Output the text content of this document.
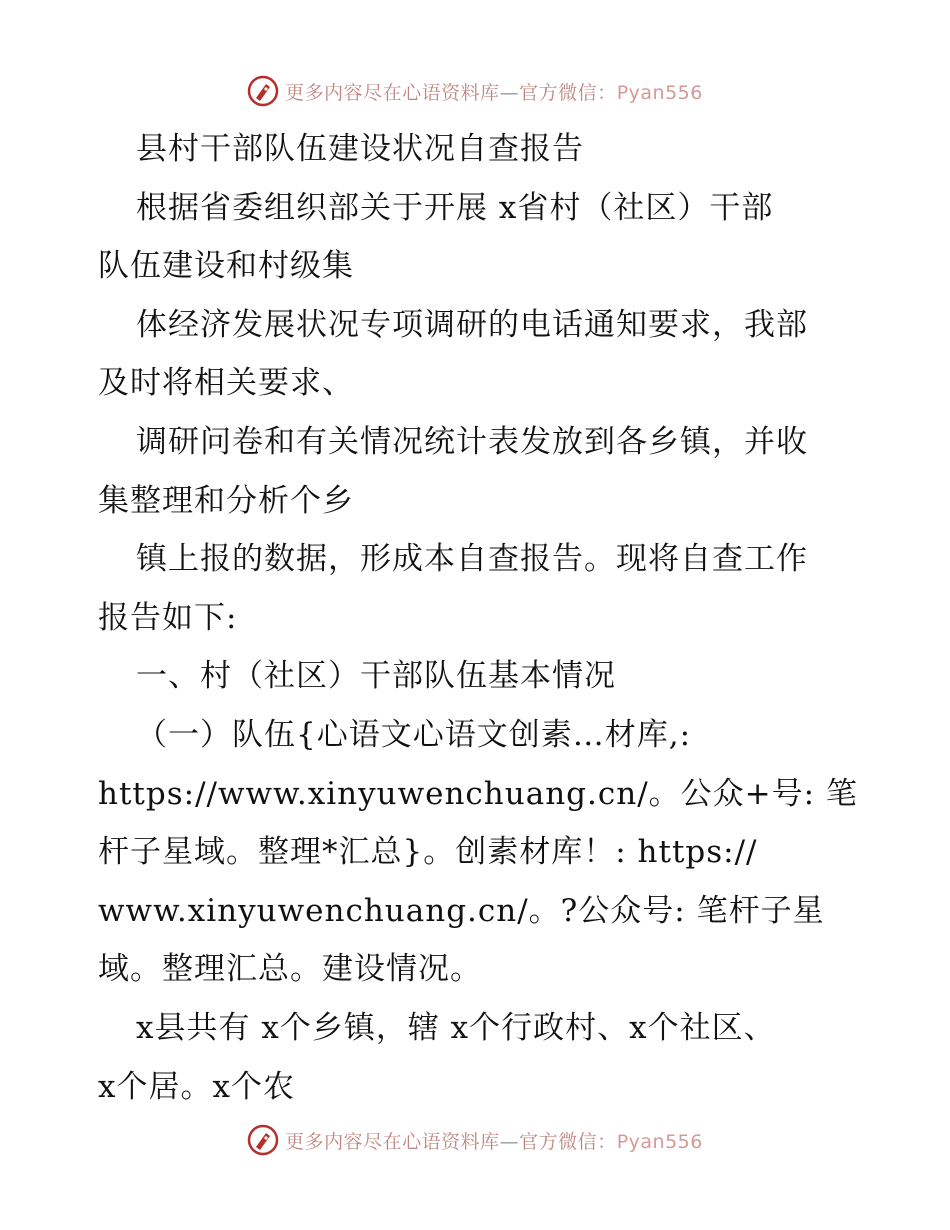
更多内容尽在心语资料库—官方微信：Pyan556
县村干部队伍建设状况自查报告
根据省委组织部关于开展 x省村（社区）干部
队伍建设和村级集
体经济发展状况专项调研的电话通知要求，我部
及时将相关要求、
调研问卷和有关情况统计表发放到各乡镇，并收
集整理和分析个乡
镇上报的数据，形成本自查报告。现将自查工作
报告如下:
一、村（社区）干部队伍基本情况
（一）队伍{心语文心语文创素…材库,:
https://www.xinyuwenchuang.cn/。公众+号: 笔
杆子星域。整理*汇总}。创素材库！: https://
www.xinyuwenchuang.cn/。?公众号: 笔杆子星
域。整理汇总。建设情况。
x县共有 x个乡镇，辖 x个行政村、x个社区、
x个居。x个农
更多内容尽在心语资料库—官方微信：Pyan556
